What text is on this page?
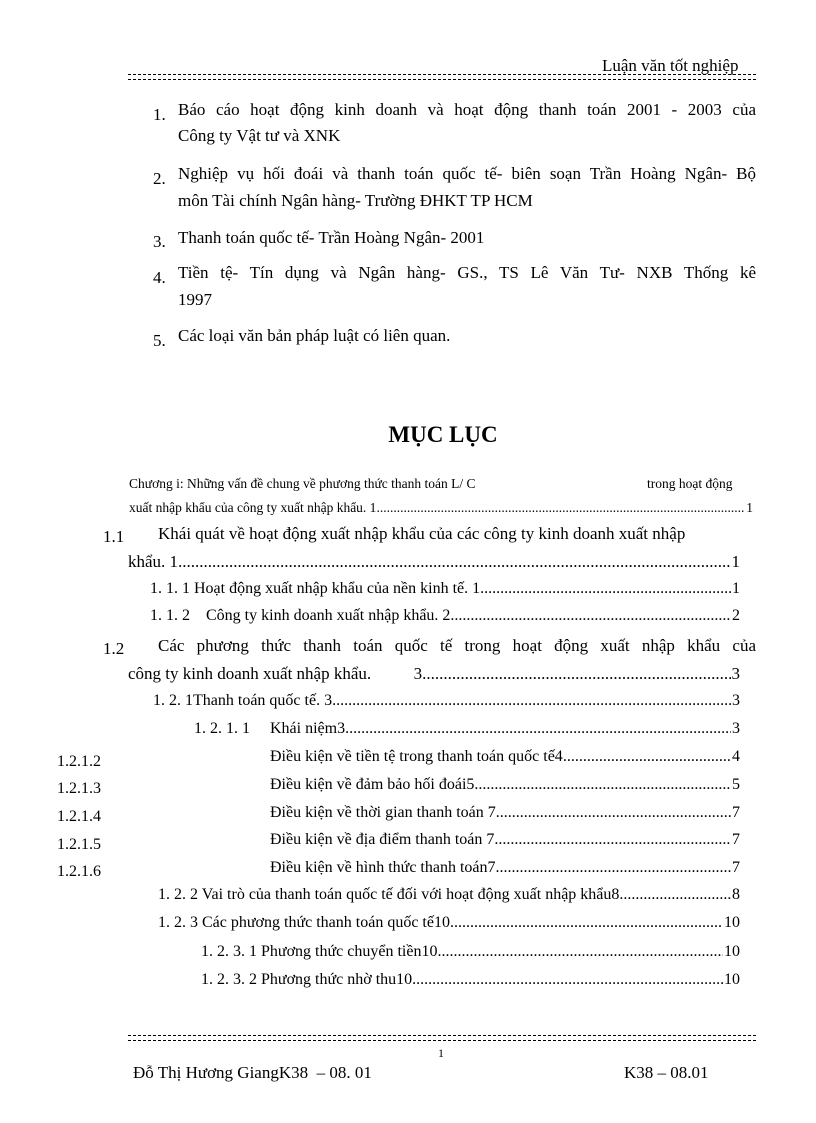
Luận văn tốt nghiệp
1. Báo cáo hoạt động kinh doanh và hoạt động thanh toán 2001 - 2003 của
Công ty Vật tư và XNK
2. Nghiệp vụ hối đoái và thanh toán quốc tế- biên soạn Trần Hoàng Ngân- Bộ
môn Tài chính Ngân hàng- Trường ĐHKT TP HCM
3. Thanh toán quốc tế- Trần Hoàng Ngân- 2001
4. Tiền tệ- Tín dụng và Ngân hàng- GS., TS Lê Văn Tư- NXB Thống kê
1997
5. Các loại văn bản pháp luật có liên quan.
MỤC LỤC
Chương i: Những vấn đề chung về phương thức thanh toán L/ C	trong hoạt động
xuất nhập khẩu của công ty xuất nhập khẩu. 1 .....	1
1.1 Khái quát về hoạt động xuất nhập khẩu của các công ty kinh doanh xuất nhập
khẩu. 1 .....	1
1. 1. 1 Hoạt động xuất nhập khẩu của nền kinh tế. 1 .....	1
1. 1. 2    Công ty kinh doanh xuất nhập khẩu. 2 .....	2
1.2 Các phương thức thanh toán quốc tế trong hoạt động xuất nhập khẩu của
công ty kinh doanh xuất nhập khẩu.          3 .....	3
1. 2. 1Thanh toán quốc tế. 3 .....	3
1. 2. 1. 1     Khái niệm3 .....	3
1.2.1.2	Điều kiện về tiền tệ trong thanh toán quốc tế4 .....	4
1.2.1.3	Điều kiện về đảm bảo hối đoái5 .....	5
1.2.1.4	Điều kiện về thời gian thanh toán 7 .....	7
1.2.1.5	Điều kiện về địa điểm thanh toán 7 .....	7
1.2.1.6	Điều kiện về hình thức thanh toán7 .....	7
1. 2. 2 Vai trò của thanh toán quốc tế đối với hoạt động xuất nhập khẩu8 .....	8
1. 2. 3 Các phương thức thanh toán quốc tế10 .....	10
1. 2. 3. 1 Phương thức chuyển tiền10 .....	10
1. 2. 3. 2 Phương thức nhờ thu10 .....	10
1
Đỗ Thị Hương GiangK38  – 08. 01	K38 – 08.01
